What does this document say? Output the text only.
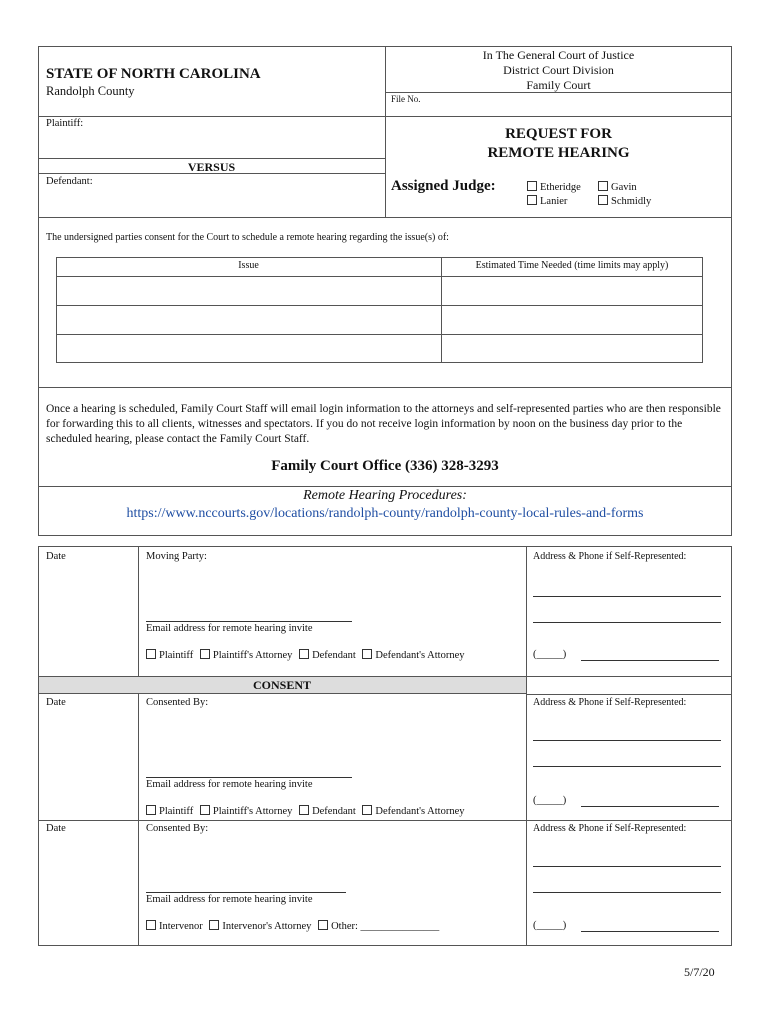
STATE OF NORTH CAROLINA
Randolph County
In The General Court of Justice
District Court Division
Family Court
File No.
Plaintiff:
VERSUS
Defendant:
REQUEST FOR
REMOTE HEARING
Assigned Judge:	Etheridge	Gavin
Lanier	Schmidly
The undersigned parties consent for the Court to schedule a remote hearing regarding the issue(s) of:
Issue	Estimated Time Needed (time limits may apply)
Once a hearing is scheduled, Family Court Staff will email login information to the attorneys and self-represented parties who are then responsible for forwarding this to all clients, witnesses and spectators. If you do not receive login information by noon on the business day prior to the scheduled hearing, please contact the Family Court Staff.
Family Court Office (336) 328-3293
Remote Hearing Procedures:
https://www.nccourts.gov/locations/randolph-county/randolph-county-local-rules-and-forms
CONSENT
Date	Moving Party:	Address & Phone if Self-Represented:
Email address for remote hearing invite
Plaintiff Plaintiff's Attorney Defendant Defendant's Attorney	(_____)
Date	Consented By:	Address & Phone if Self-Represented:
Email address for remote hearing invite
Plaintiff Plaintiff's Attorney Defendant Defendant's Attorney
(_____)
Date	Consented By:	Address & Phone if Self-Represented:
Email address for remote hearing invite
Intervenor Intervenor's Attorney Other: _______________	(_____)
5/7/20
